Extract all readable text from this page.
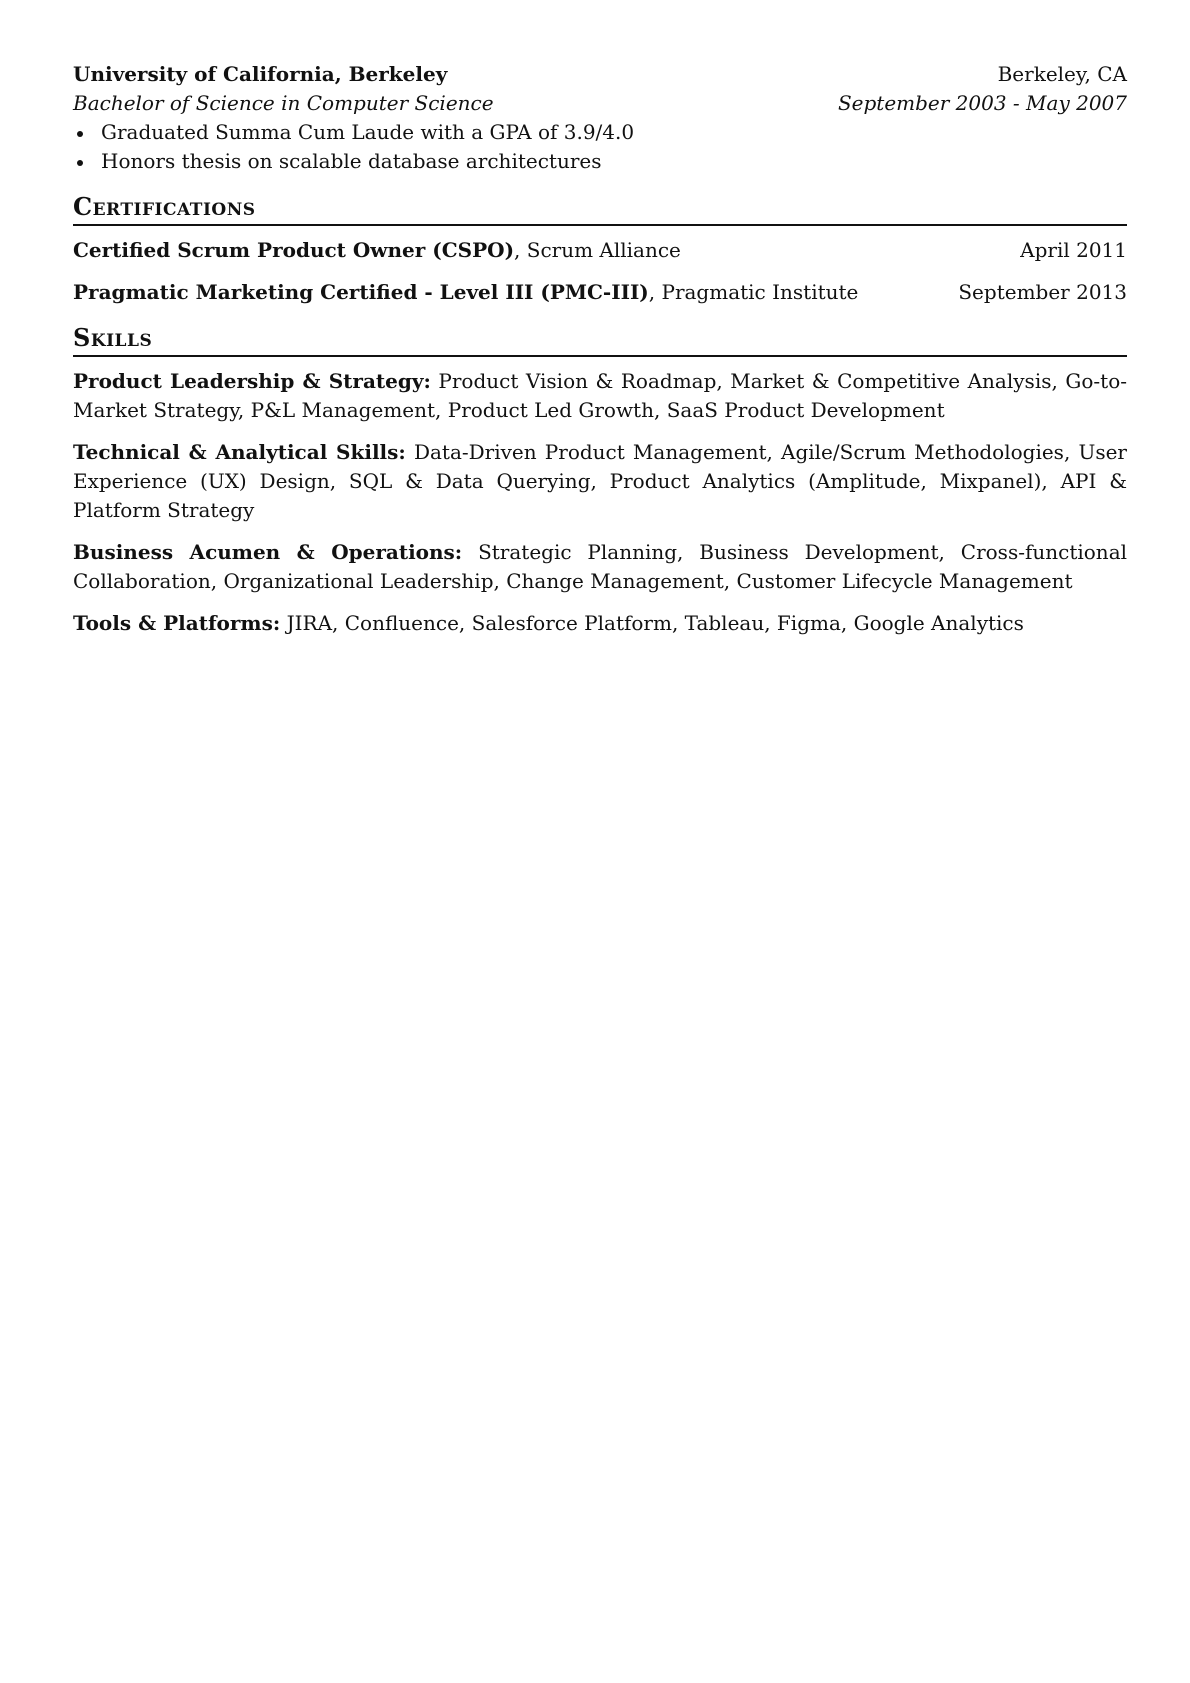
University of California, Berkeley	Berkeley, CA
Bachelor of Science in Computer Science	September 2003 - May 2007
Graduated Summa Cum Laude with a GPA of 3.9/4.0
Honors thesis on scalable database architectures
Certifications
Certified Scrum Product Owner (CSPO), Scrum Alliance	April 2011
Pragmatic Marketing Certified - Level III (PMC-III), Pragmatic Institute	September 2013
Skills
Product Leadership & Strategy: Product Vision & Roadmap, Market & Competitive Analysis, Go-to-Market Strategy, P&L Management, Product Led Growth, SaaS Product Development
Technical & Analytical Skills: Data-Driven Product Management, Agile/Scrum Methodologies, User Experience (UX) Design, SQL & Data Querying, Product Analytics (Amplitude, Mixpanel), API & Platform Strategy
Business Acumen & Operations: Strategic Planning, Business Development, Cross-functional Collaboration, Organizational Leadership, Change Management, Customer Lifecycle Management
Tools & Platforms: JIRA, Confluence, Salesforce Platform, Tableau, Figma, Google Analytics
